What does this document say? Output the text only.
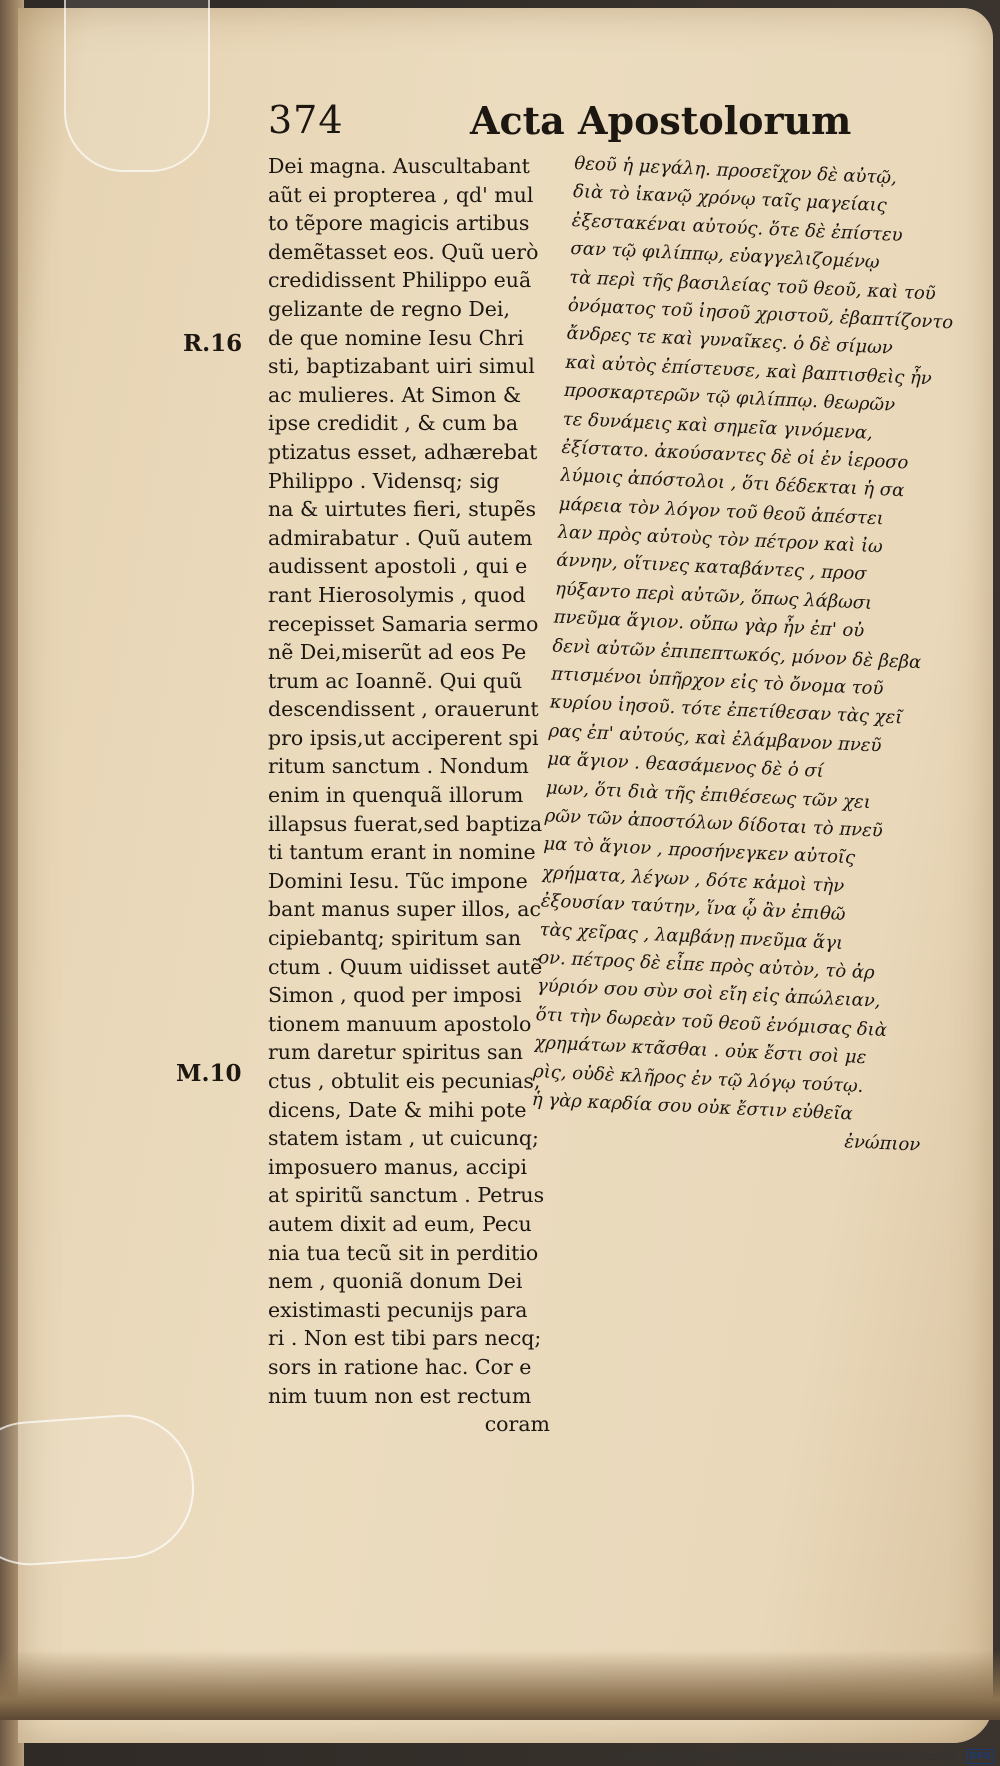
374	Acta Apostolorum
R.16
M.10
Dei magna. Auscultabant
aũt ei propterea , qd' mul
to tẽpore magicis artibus
demẽtasset eos. Quũ uerò
credidissent Philippo euã
gelizante de regno Dei,
de que nomine Iesu Chri
sti, baptizabant uiri simul
ac mulieres. At Simon &
ipse credidit , & cum ba
ptizatus esset, adhærebat
Philippo . Vidensq; sig
na & uirtutes fieri, stupẽs
admirabatur . Quũ autem
audissent apostoli , qui e
rant Hierosolymis , quod
recepisset Samaria sermo
nẽ Dei,miserũt ad eos Pe
trum ac Ioannẽ. Qui quũ
descendissent , orauerunt
pro ipsis,ut acciperent spi
ritum sanctum . Nondum
enim in quenquã illorum
illapsus fuerat,sed baptiza
ti tantum erant in nomine
Domini Iesu. Tũc impone
bant manus super illos, ac
cipiebantq; spiritum san
ctum . Quum uidisset autẽ
Simon , quod per imposi
tionem manuum apostolo
rum daretur spiritus san
ctus , obtulit eis pecunias,
dicens, Date & mihi pote
statem istam , ut cuicunq;
imposuero manus, accipi
at spiritũ sanctum . Petrus
autem dixit ad eum, Pecu
nia tua tecũ sit in perditio
nem , quoniã donum Dei
existimasti pecunijs para
ri . Non est tibi pars necq;
sors in ratione hac. Cor e
nim tuum non est rectum
coram
θεοῦ ἡ μεγάλη. προσεῖχον δὲ αὐτῷ,
διὰ τὸ ἱκανῷ χρόνῳ ταῖς μαγείαις
ἐξεστακέναι αὐτούς. ὅτε δὲ ἐπίστευ
σαν τῷ φιλίππῳ, εὐαγγελιζομένῳ
τὰ περὶ τῆς βασιλείας τοῦ θεοῦ, καὶ τοῦ
ὀνόματος τοῦ ἰησοῦ χριστοῦ, ἐβαπτίζοντο
ἄνδρες τε καὶ γυναῖκες. ὁ δὲ σίμων
καὶ αὐτὸς ἐπίστευσε, καὶ βαπτισθεὶς ἦν
προσκαρτερῶν τῷ φιλίππῳ. θεωρῶν
τε δυνάμεις καὶ σημεῖα γινόμενα,
ἐξίστατο. ἀκούσαντες δὲ οἱ ἐν ἱεροσο
λύμοις ἀπόστολοι , ὅτι δέδεκται ἡ σα
μάρεια τὸν λόγον τοῦ θεοῦ ἀπέστει
λαν πρὸς αὐτοὺς τὸν πέτρον καὶ ἰω
άννην, οἵτινες καταβάντες , προσ
ηύξαντο περὶ αὐτῶν, ὅπως λάβωσι
πνεῦμα ἅγιον. οὔπω γὰρ ἦν ἐπ' οὐ
δενὶ αὐτῶν ἐπιπεπτωκός, μόνον δὲ βεβα
πτισμένοι ὑπῆρχον εἰς τὸ ὄνομα τοῦ
κυρίου ἰησοῦ. τότε ἐπετίθεσαν τὰς χεῖ
ρας ἐπ' αὐτούς, καὶ ἐλάμβανον πνεῦ
μα ἅγιον . θεασάμενος δὲ ὁ σί
μων, ὅτι διὰ τῆς ἐπιθέσεως τῶν χει
ρῶν τῶν ἀποστόλων δίδοται τὸ πνεῦ
μα τὸ ἅγιον , προσήνεγκεν αὐτοῖς
χρήματα, λέγων , δότε κἀμοὶ τὴν
ἐξουσίαν ταύτην, ἵνα ᾧ ἂν ἐπιθῶ
τὰς χεῖρας , λαμβάνῃ πνεῦμα ἅγι
ον. πέτρος δὲ εἶπε πρὸς αὐτὸν, τὸ ἀρ
γύριόν σου σὺν σοὶ εἴη εἰς ἀπώλειαν,
ὅτι τὴν δωρεὰν τοῦ θεοῦ ἐνόμισας διὰ
χρημάτων κτᾶσθαι . οὐκ ἔστι σοὶ με
ρὶς, οὐδὲ κλῆρος ἐν τῷ λόγῳ τούτῳ.
ἡ γὰρ καρδία σου οὐκ ἔστιν εὐθεῖα
ἐνώπιον
Digitalisierung gefördert durch die Deutsche Forschungsgemeinschaft · DFG
